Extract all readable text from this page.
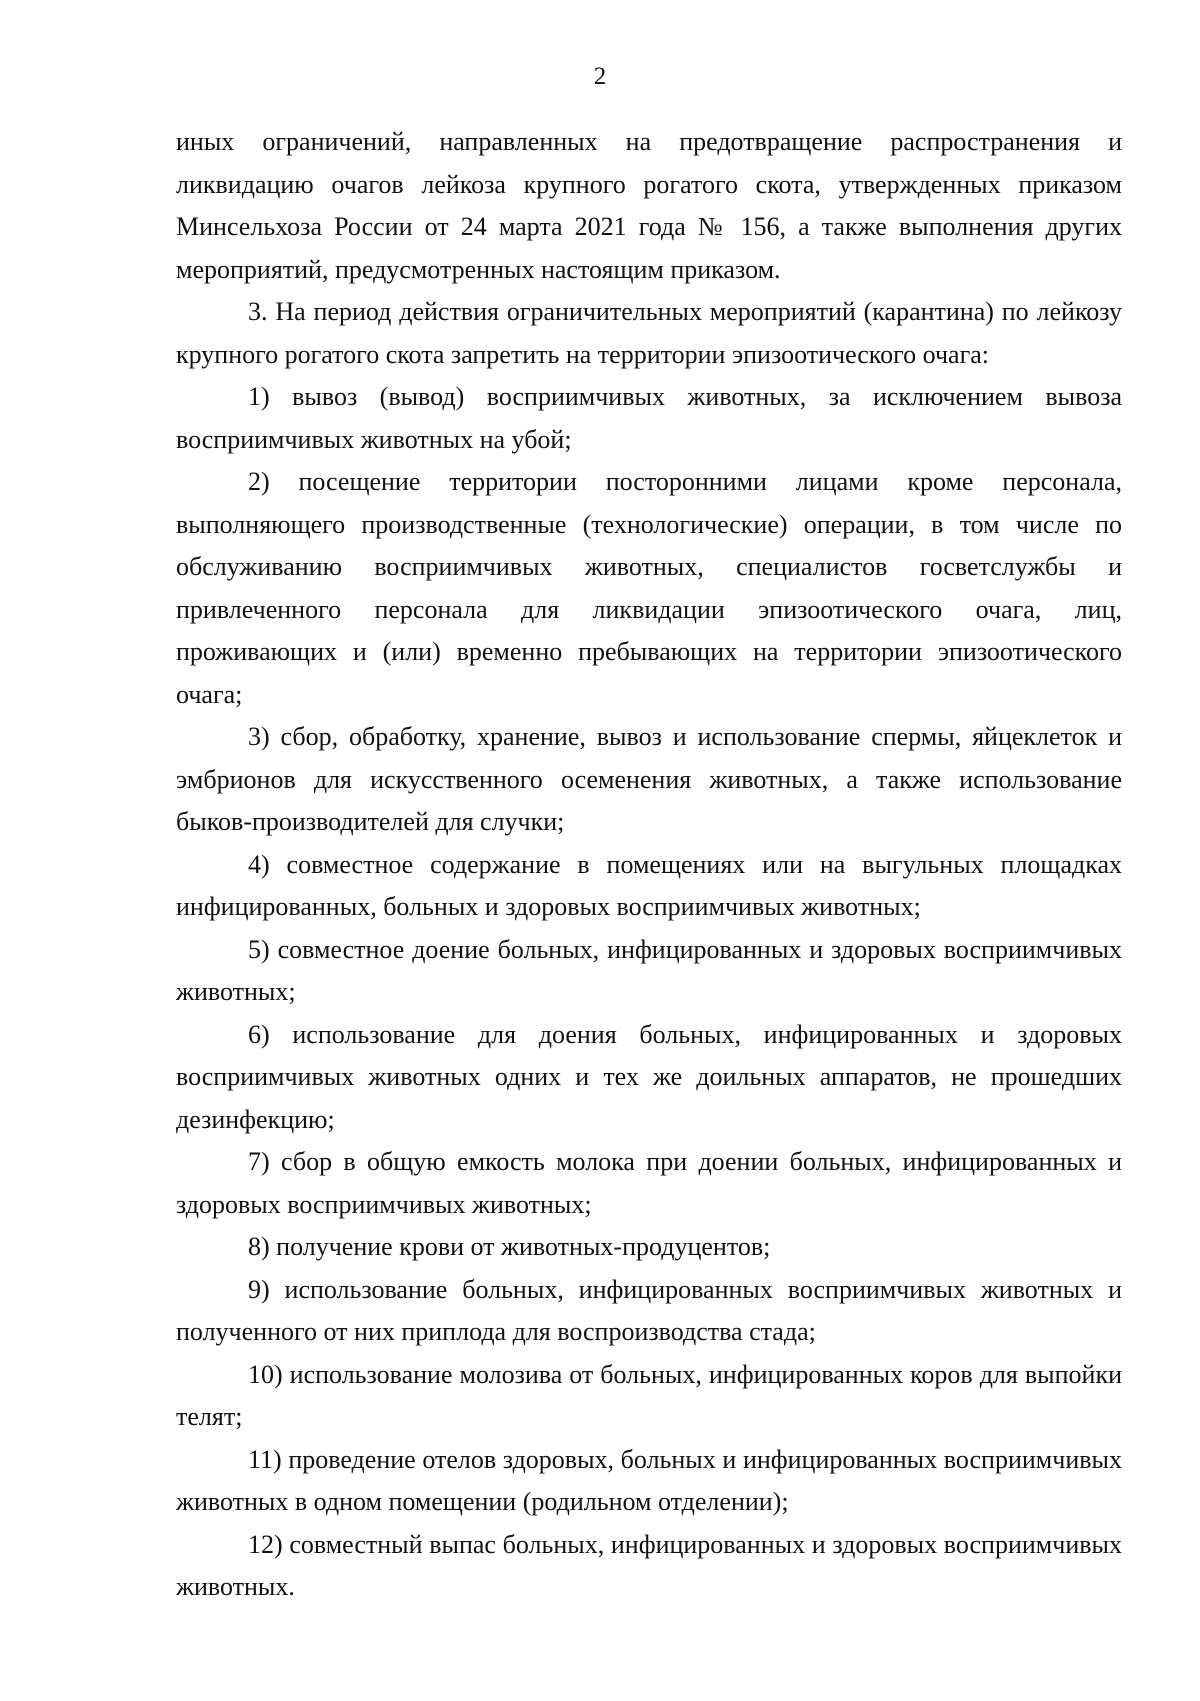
2

иных ограничений, направленных на предотвращение распространения и ликвидацию очагов лейкоза крупного рогатого скота, утвержденных приказом Минсельхоза России от 24 марта 2021 года № 156, а также выполнения других мероприятий, предусмотренных настоящим приказом.

3. На период действия ограничительных мероприятий (карантина) по лейкозу крупного рогатого скота запретить на территории эпизоотического очага:

1) вывоз (вывод) восприимчивых животных, за исключением вывоза восприимчивых животных на убой;

2) посещение территории посторонними лицами кроме персонала, выполняющего производственные (технологические) операции, в том числе по обслуживанию восприимчивых животных, специалистов госветслужбы и привлеченного персонала для ликвидации эпизоотического очага, лиц, проживающих и (или) временно пребывающих на территории эпизоотического очага;

3) сбор, обработку, хранение, вывоз и использование спермы, яйцеклеток и эмбрионов для искусственного осеменения животных, а также использование быков-производителей для случки;

4) совместное содержание в помещениях или на выгульных площадках инфицированных, больных и здоровых восприимчивых животных;

5) совместное доение больных, инфицированных и здоровых восприимчивых животных;

6) использование для доения больных, инфицированных и здоровых восприимчивых животных одних и тех же доильных аппаратов, не прошедших дезинфекцию;

7) сбор в общую емкость молока при доении больных, инфицированных и здоровых восприимчивых животных;

8) получение крови от животных-продуцентов;

9) использование больных, инфицированных восприимчивых животных и полученного от них приплода для воспроизводства стада;

10) использование молозива от больных, инфицированных коров для выпойки телят;

11) проведение отелов здоровых, больных и инфицированных восприимчивых животных в одном помещении (родильном отделении);

12) совместный выпас больных, инфицированных и здоровых восприимчивых животных.
